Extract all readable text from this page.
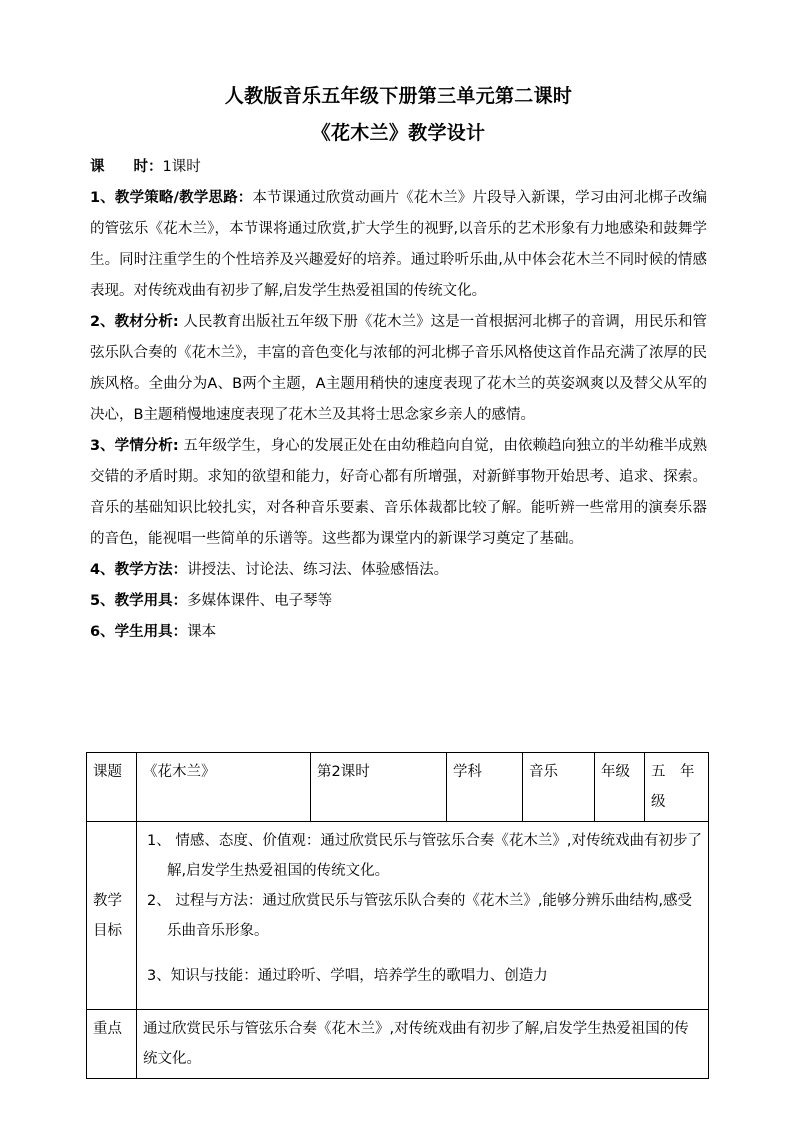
人教版音乐五年级下册第三单元第二课时
《花木兰》教学设计

课　　时：1课时

1、教学策略/教学思路：本节课通过欣赏动画片《花木兰》片段导入新课，学习由河北梆子改编的管弦乐《花木兰》，本节课将通过欣赏,扩大学生的视野,以音乐的艺术形象有力地感染和鼓舞学生。同时注重学生的个性培养及兴趣爱好的培养。通过聆听乐曲,从中体会花木兰不同时候的情感表现。对传统戏曲有初步了解,启发学生热爱祖国的传统文化。

2、教材分析: 人民教育出版社五年级下册《花木兰》这是一首根据河北梆子的音调，用民乐和管弦乐队合奏的《花木兰》，丰富的音色变化与浓郁的河北梆子音乐风格使这首作品充满了浓厚的民族风格。全曲分为A、B两个主题，A主题用稍快的速度表现了花木兰的英姿飒爽以及替父从军的决心，B主题稍慢地速度表现了花木兰及其将士思念家乡亲人的感情。

3、学情分析: 五年级学生，身心的发展正处在由幼稚趋向自觉，由依赖趋向独立的半幼稚半成熟交错的矛盾时期。求知的欲望和能力，好奇心都有所增强，对新鲜事物开始思考、追求、探索。音乐的基础知识比较扎实，对各种音乐要素、音乐体裁都比较了解。能听辨一些常用的演奏乐器的音色，能视唱一些简单的乐谱等。这些都为课堂内的新课学习奠定了基础。

4、教学方法：讲授法、讨论法、练习法、体验感悟法。

5、教学用具：多媒体课件、电子琴等

6、学生用具：课本

课题	《花木兰》	第2课时	学科	音乐	年级	五　年级
教学目标	1、 情感、态度、价值观：通过欣赏民乐与管弦乐合奏《花木兰》,对传统戏曲有初步了解,启发学生热爱祖国的传统文化。

2、 过程与方法：通过欣赏民乐与管弦乐队合奏的《花木兰》,能够分辨乐曲结构,感受乐曲音乐形象。

3、知识与技能：通过聆听、学唱，培养学生的歌唱力、创造力					

重点	通过欣赏民乐与管弦乐合奏《花木兰》,对传统戏曲有初步了解,启发学生热爱祖国的传统文化。					
